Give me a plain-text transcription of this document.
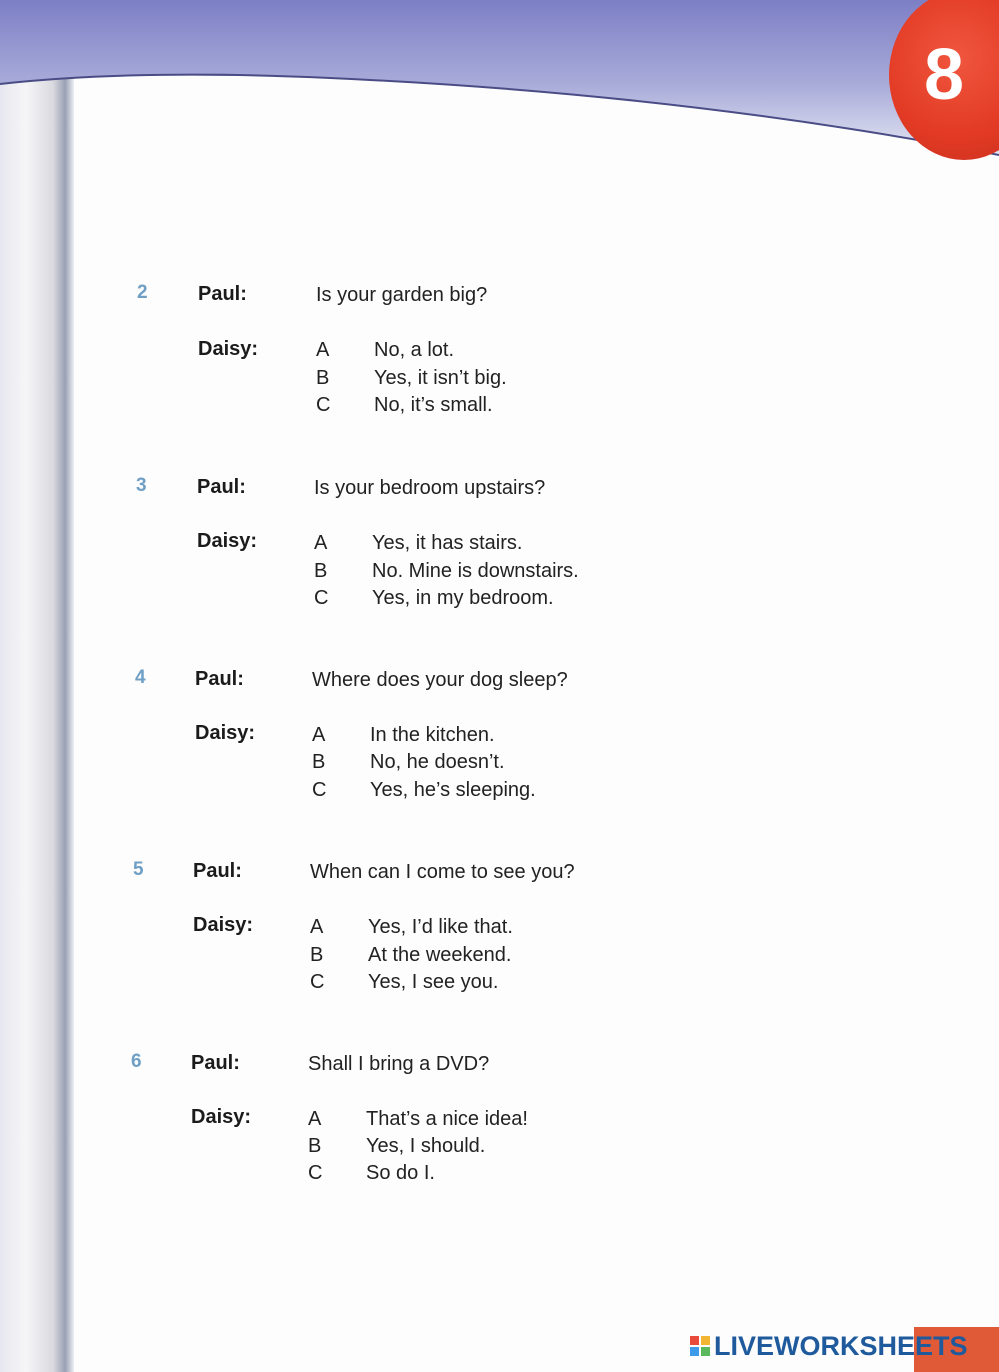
8
2	Paul:	Is your garden big?
Daisy:	A No, a lot.
B Yes, it isn’t big.
C No, it’s small.
3	Paul:	Is your bedroom upstairs?
Daisy:	A Yes, it has stairs.
B No. Mine is downstairs.
C Yes, in my bedroom.
4 Paul:	Where does your dog sleep?
Daisy:	A In the kitchen.
B No, he doesn’t.
C Yes, he’s sleeping.
5 Paul:	When can I come to see you?
Daisy:	A Yes, I’d like that.
B At the weekend.
C Yes, I see you.
6 Paul:	Shall I bring a DVD?
Daisy:	A That’s a nice idea!
B Yes, I should.
C So do I.
LIVEWORKSHEETS
